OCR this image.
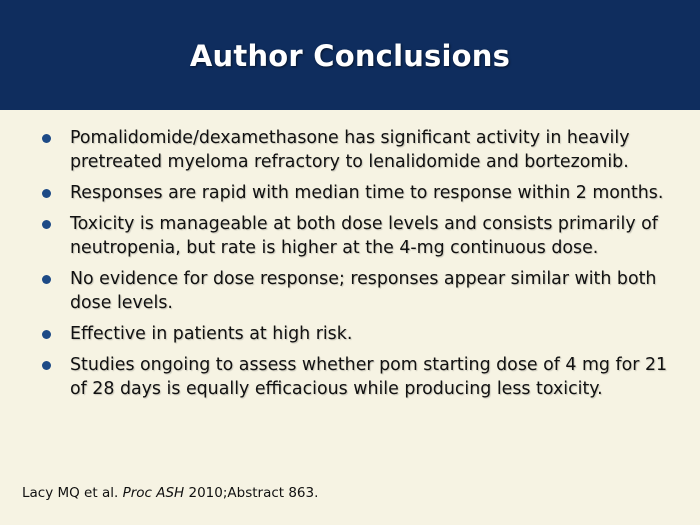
Author Conclusions
Pomalidomide/dexamethasone has significant activity in heavily pretreated myeloma refractory to lenalidomide and bortezomib.
Responses are rapid with median time to response within 2 months.
Toxicity is manageable at both dose levels and consists primarily of neutropenia, but rate is higher at the 4-mg continuous dose.
No evidence for dose response; responses appear similar with both dose levels.
Effective in patients at high risk.
Studies ongoing to assess whether pom starting dose of 4 mg for 21 of 28 days is equally efficacious while producing less toxicity.
Lacy MQ et al. Proc ASH 2010;Abstract 863.
